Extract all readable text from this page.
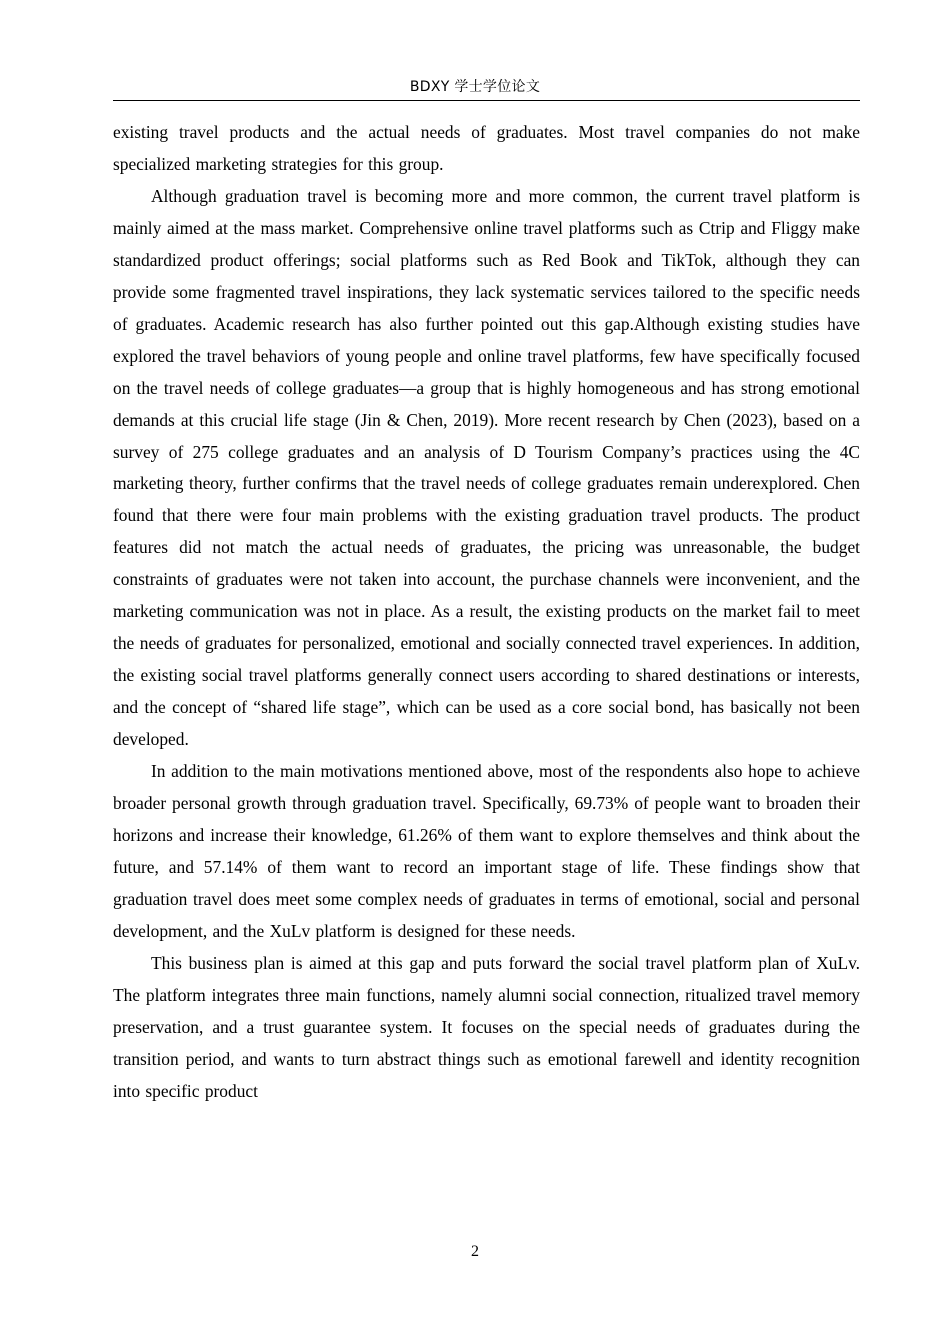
BDXY 学士学位论文

existing travel products and the actual needs of graduates. Most travel companies do not make specialized marketing strategies for this group.

Although graduation travel is becoming more and more common, the current travel platform is mainly aimed at the mass market. Comprehensive online travel platforms such as Ctrip and Fliggy make standardized product offerings; social platforms such as Red Book and TikTok, although they can provide some fragmented travel inspirations, they lack systematic services tailored to the specific needs of graduates. Academic research has also further pointed out this gap.Although existing studies have explored the travel behaviors of young people and online travel platforms, few have specifically focused on the travel needs of college graduates—a group that is highly homogeneous and has strong emotional demands at this crucial life stage (Jin & Chen, 2019). More recent research by Chen (2023), based on a survey of 275 college graduates and an analysis of D Tourism Company’s practices using the 4C marketing theory, further confirms that the travel needs of college graduates remain underexplored. Chen found that there were four main problems with the existing graduation travel products. The product features did not match the actual needs of graduates, the pricing was unreasonable, the budget constraints of graduates were not taken into account, the purchase channels were inconvenient, and the marketing communication was not in place. As a result, the existing products on the market fail to meet the needs of graduates for personalized, emotional and socially connected travel experiences. In addition, the existing social travel platforms generally connect users according to shared destinations or interests, and the concept of “shared life stage”, which can be used as a core social bond, has basically not been developed.

In addition to the main motivations mentioned above, most of the respondents also hope to achieve broader personal growth through graduation travel. Specifically, 69.73% of people want to broaden their horizons and increase their knowledge, 61.26% of them want to explore themselves and think about the future, and 57.14% of them want to record an important stage of life. These findings show that graduation travel does meet some complex needs of graduates in terms of emotional, social and personal development, and the XuLv platform is designed for these needs.

This business plan is aimed at this gap and puts forward the social travel platform plan of XuLv. The platform integrates three main functions, namely alumni social connection, ritualized travel memory preservation, and a trust guarantee system. It focuses on the special needs of graduates during the transition period, and wants to turn abstract things such as emotional farewell and identity recognition into specific product

2
